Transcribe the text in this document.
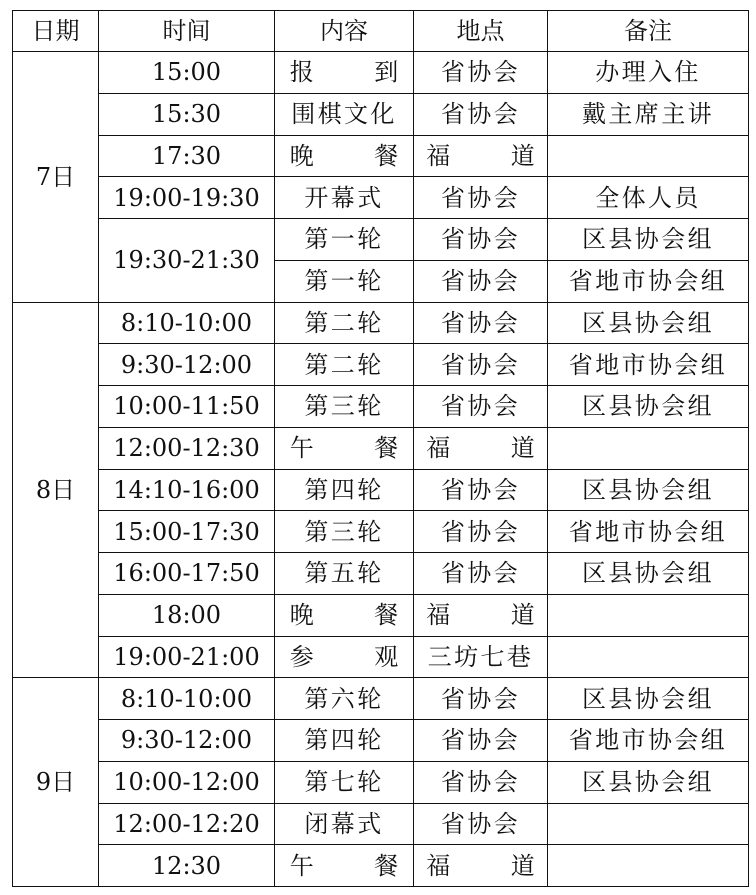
日期	时间	内容	地点	备注
7日	15:00	报 到	省协会	办理入住
	15:30	围棋文化	省协会	戴主席主讲
	17:30	晚 餐	福 道	
	19:00-19:30	开幕式	省协会	全体人员
	19:30-21:30	第一轮	省协会	区县协会组
		第一轮	省协会	省地市协会组
8日	8:10-10:00	第二轮	省协会	区县协会组
	9:30-12:00	第二轮	省协会	省地市协会组
	10:00-11:50	第三轮	省协会	区县协会组
	12:00-12:30	午 餐	福 道	
	14:10-16:00	第四轮	省协会	区县协会组
	15:00-17:30	第三轮	省协会	省地市协会组
	16:00-17:50	第五轮	省协会	区县协会组
	18:00	晚 餐	福 道	
	19:00-21:00	参 观	三坊七巷	
9日	8:10-10:00	第六轮	省协会	区县协会组
	9:30-12:00	第四轮	省协会	省地市协会组
	10:00-12:00	第七轮	省协会	区县协会组
	12:00-12:20	闭幕式	省协会	
	12:30	午 餐	福 道	
